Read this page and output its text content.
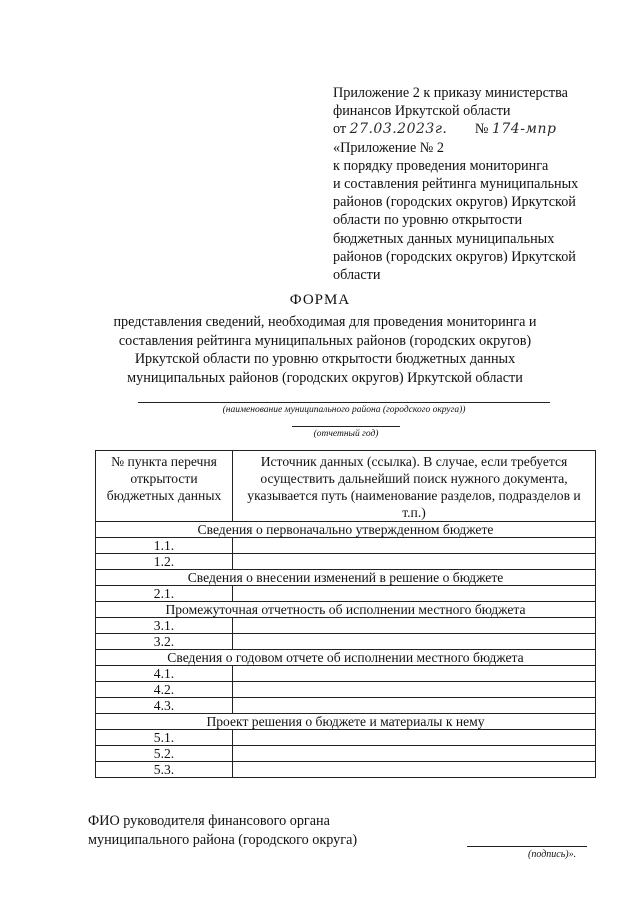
Приложение 2 к приказу министерства
финансов Иркутской области
от 27.03.2023г. № 174-мпр
«Приложение № 2
к порядку проведения мониторинга
и составления рейтинга муниципальных
районов (городских округов) Иркутской
области по уровню открытости
бюджетных данных муниципальных
районов (городских округов) Иркутской
области
ФОРМА
представления сведений, необходимая для проведения мониторинга и
составления рейтинга муниципальных районов (городских округов)
Иркутской области по уровню открытости бюджетных данных
муниципальных районов (городских округов) Иркутской области
(наименование муниципального района (городского округа))
(отчетный год)
№ пункта перечня открытости бюджетных данных	Источник данных (ссылка). В случае, если требуется осуществить дальнейший поиск нужного документа, указывается путь (наименование разделов, подразделов и т.п.)
Сведения о первоначально утвержденном бюджете	
1.1.	
1.2.	
Сведения о внесении изменений в решение о бюджете	
2.1.	
Промежуточная отчетность об исполнении местного бюджета	
3.1.	
3.2.	
Сведения о годовом отчете об исполнении местного бюджета	
4.1.	
4.2.	
4.3.	
Проект решения о бюджете и материалы к нему	
5.1.	
5.2.	
5.3.	
ФИО руководителя финансового органа
муниципального района (городского округа)
(подпись)».
